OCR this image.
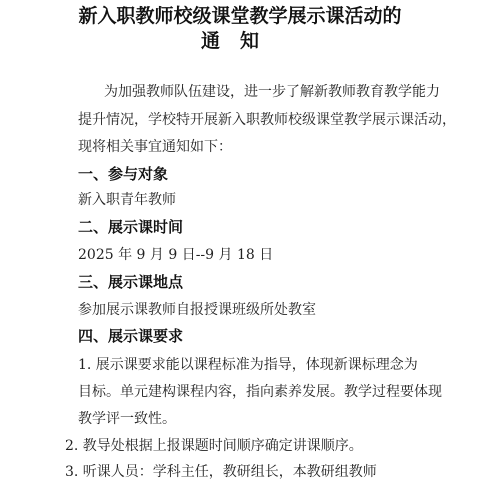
新入职教师校级课堂教学展示课活动的
通知
为加强教师队伍建设，进一步了解新教师教育教学能力
提升情况，学校特开展新入职教师校级课堂教学展示课活动，
现将相关事宜通知如下：
一、参与对象
新入职青年教师
二、展示课时间
2025 年 9 月 9 日--9 月 18 日
三、展示课地点
参加展示课教师自报授课班级所处教室
四、展示课要求
1. 展示课要求能以课程标准为指导，体现新课标理念为
目标。单元建构课程内容，指向素养发展。教学过程要体现
教学评一致性。
2. 教导处根据上报课题时间顺序确定讲课顺序。
3. 听课人员：学科主任，教研组长，本教研组教师
